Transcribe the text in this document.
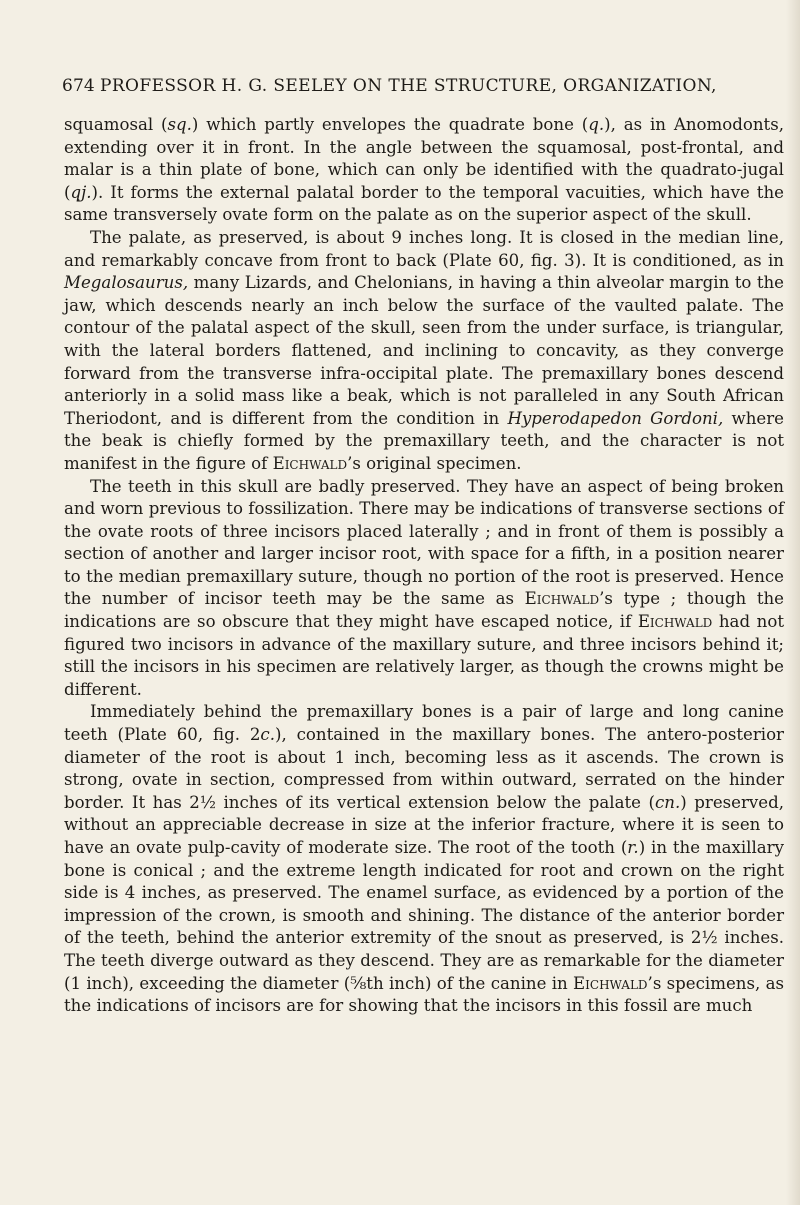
674 PROFESSOR H. G. SEELEY ON THE STRUCTURE, ORGANIZATION,

squamosal (sq.) which partly envelopes the quadrate bone (q.), as in Anomodonts, extending over it in front. In the angle between the squamosal, post-frontal, and malar is a thin plate of bone, which can only be identified with the quadrato-jugal (qj.). It forms the external palatal border to the temporal vacuities, which have the same transversely ovate form on the palate as on the superior aspect of the skull.

The palate, as preserved, is about 9 inches long. It is closed in the median line, and remarkably concave from front to back (Plate 60, fig. 3). It is conditioned, as in Megalosaurus, many Lizards, and Chelonians, in having a thin alveolar margin to the jaw, which descends nearly an inch below the surface of the vaulted palate. The contour of the palatal aspect of the skull, seen from the under surface, is triangular, with the lateral borders flattened, and inclining to concavity, as they converge forward from the transverse infra-occipital plate. The premaxillary bones descend anteriorly in a solid mass like a beak, which is not paralleled in any South African Theriodont, and is different from the condition in Hyperodapedon Gordoni, where the beak is chiefly formed by the premaxillary teeth, and the character is not manifest in the figure of Eichwald’s original specimen.

The teeth in this skull are badly preserved. They have an aspect of being broken and worn previous to fossilization. There may be indications of transverse sections of the ovate roots of three incisors placed laterally ; and in front of them is possibly a section of another and larger incisor root, with space for a fifth, in a position nearer to the median premaxillary suture, though no portion of the root is preserved. Hence the number of incisor teeth may be the same as Eichwald’s type ; though the indications are so obscure that they might have escaped notice, if Eichwald had not figured two incisors in advance of the maxillary suture, and three incisors behind it; still the incisors in his specimen are relatively larger, as though the crowns might be different.

Immediately behind the premaxillary bones is a pair of large and long canine teeth (Plate 60, fig. 2c.), contained in the maxillary bones. The antero-posterior diameter of the root is about 1 inch, becoming less as it ascends. The crown is strong, ovate in section, compressed from within outward, serrated on the hinder border. It has 2½ inches of its vertical extension below the palate (cn.) preserved, without an appreciable decrease in size at the inferior fracture, where it is seen to have an ovate pulp-cavity of moderate size. The root of the tooth (r.) in the maxillary bone is conical ; and the extreme length indicated for root and crown on the right side is 4 inches, as preserved. The enamel surface, as evidenced by a portion of the impression of the crown, is smooth and shining. The distance of the anterior border of the teeth, behind the anterior extremity of the snout as preserved, is 2½ inches. The teeth diverge outward as they descend. They are as remarkable for the diameter (1 inch), exceeding the diameter (⅝th inch) of the canine in Eichwald’s specimens, as the indications of incisors are for showing that the incisors in this fossil are much
